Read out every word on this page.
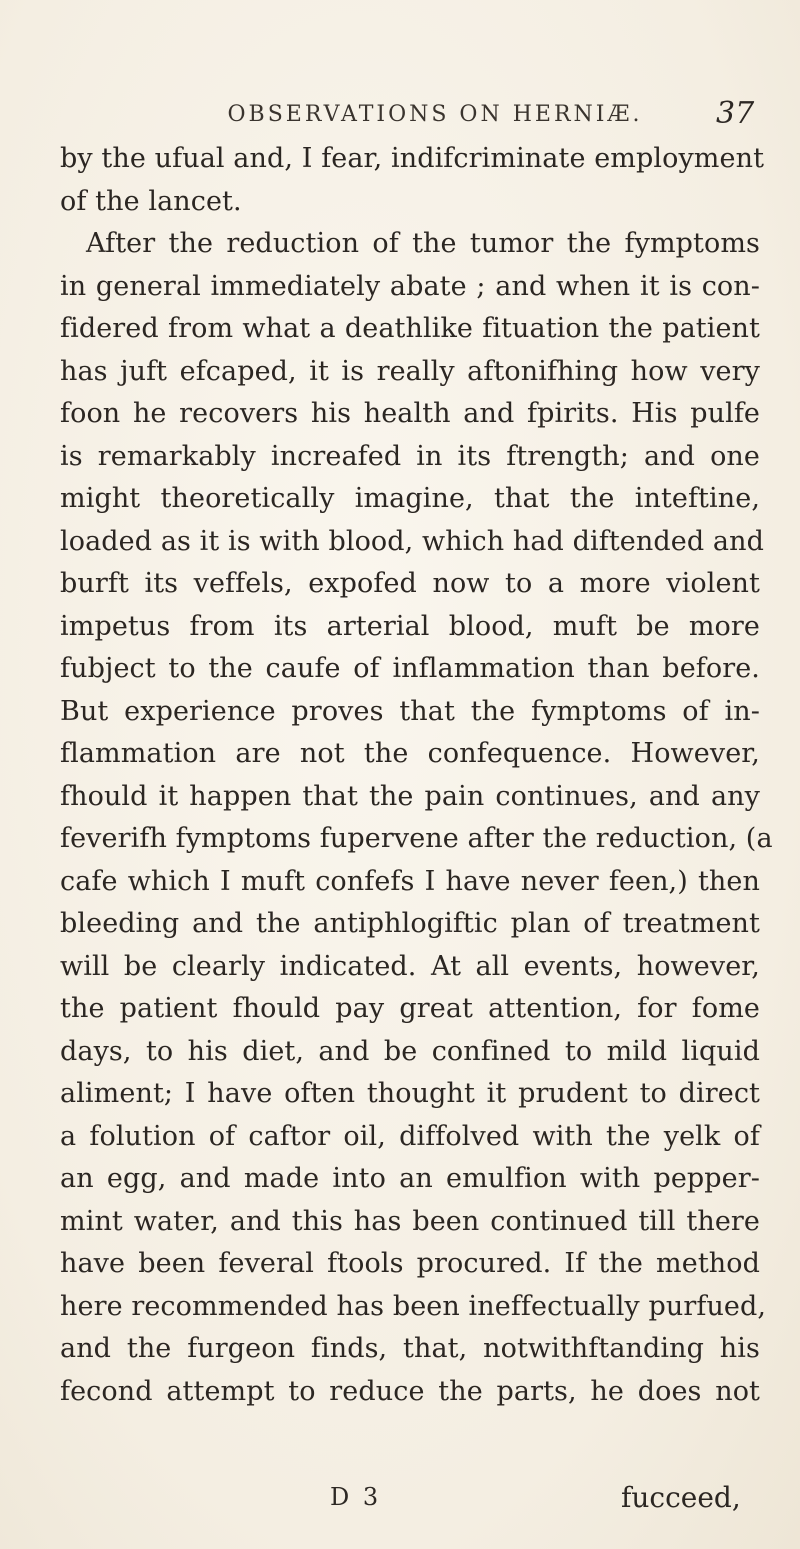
OBSERVATIONS ON HERNIÆ.	37
by the ufual and, I fear, indifcriminate employment
of the lancet.
After the reduction of the tumor the fymptoms
in general immediately abate ; and when it is con-
fidered from what a deathlike fituation the patient
has juft efcaped, it is really aftonifhing how very
foon he recovers his health and fpirits. His pulfe
is remarkably increafed in its ftrength; and one
might theoretically imagine, that the inteftine,
loaded as it is with blood, which had diftended and
burft its veffels, expofed now to a more violent
impetus from its arterial blood, muft be more
fubject to the caufe of inflammation than before.
But experience proves that the fymptoms of in-
flammation are not the confequence. However,
fhould it happen that the pain continues, and any
feverifh fymptoms fupervene after the reduction, (a
cafe which I muft confefs I have never feen,) then
bleeding and the antiphlogiftic plan of treatment
will be clearly indicated. At all events, however,
the patient fhould pay great attention, for fome
days, to his diet, and be confined to mild liquid
aliment; I have often thought it prudent to direct
a folution of caftor oil, diffolved with the yelk of
an egg, and made into an emulfion with pepper-
mint water, and this has been continued till there
have been feveral ftools procured. If the method
here recommended has been ineffectually purfued,
and the furgeon finds, that, notwithftanding his
fecond attempt to reduce the parts, he does not
D 3	fucceed,
